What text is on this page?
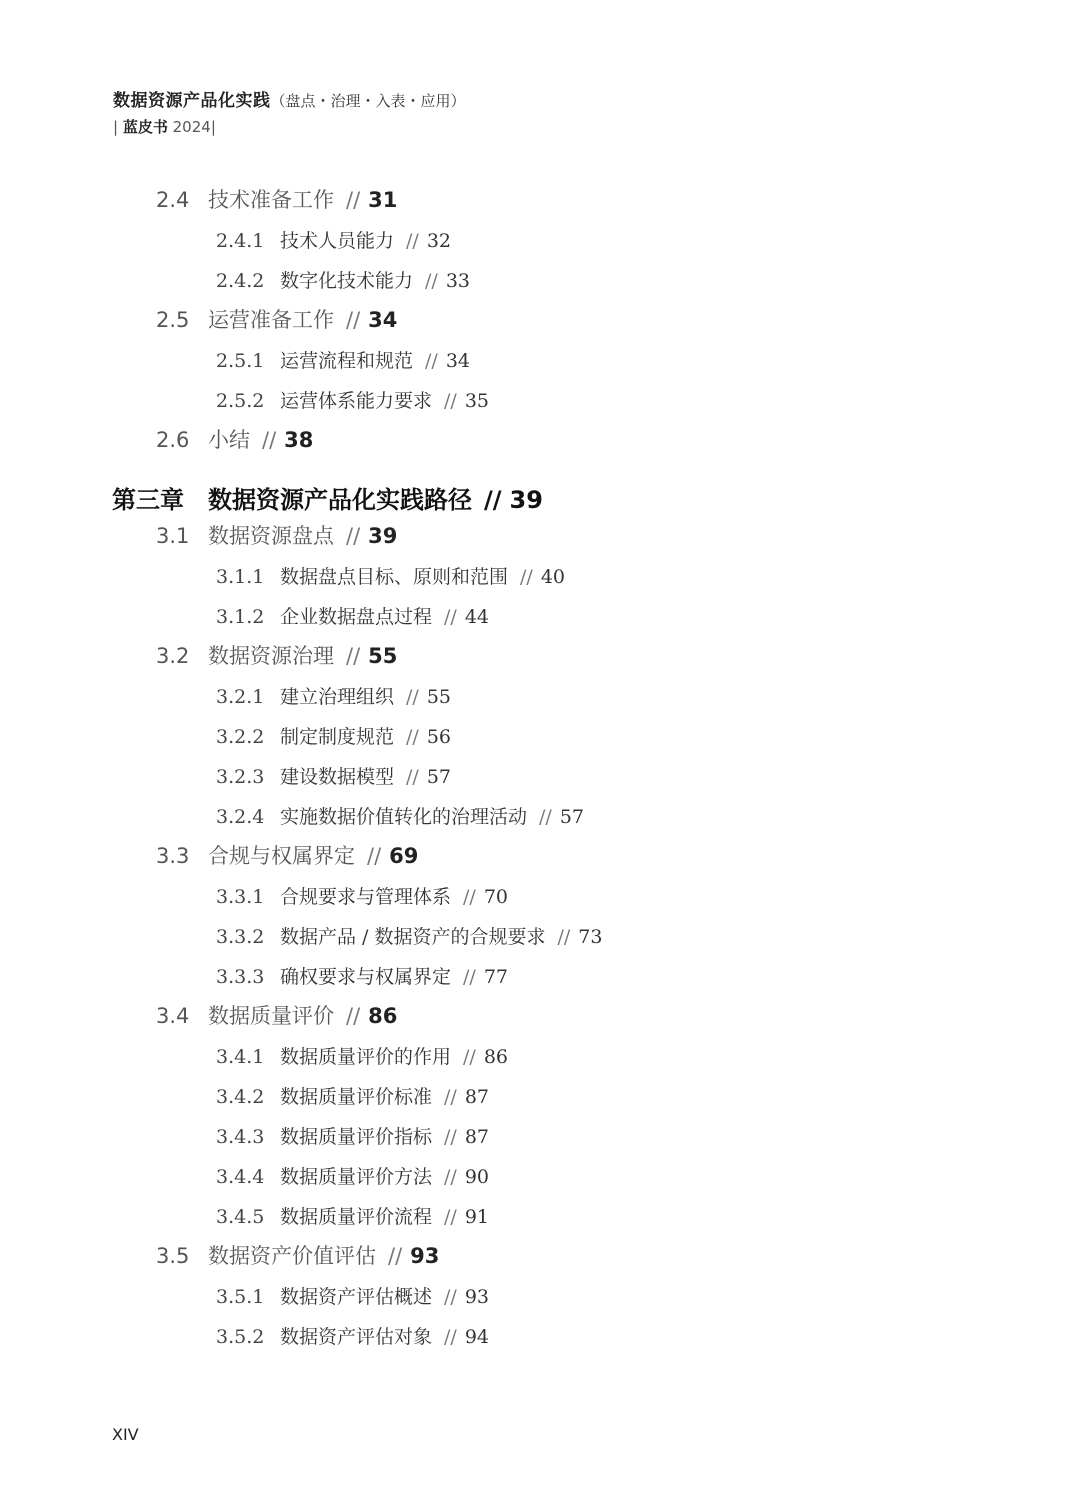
数据资源产品化实践（盘点・治理・入表・应用）
| 蓝皮书 2024|
2.4 技术准备工作 // 31
2.4.1 技术人员能力 // 32
2.4.2 数字化技术能力 // 33
2.5 运营准备工作 // 34
2.5.1 运营流程和规范 // 34
2.5.2 运营体系能力要求 // 35
2.6 小结 // 38
第三章 数据资源产品化实践路径 // 39
3.1 数据资源盘点 // 39
3.1.1 数据盘点目标、原则和范围 // 40
3.1.2 企业数据盘点过程 // 44
3.2 数据资源治理 // 55
3.2.1 建立治理组织 // 55
3.2.2 制定制度规范 // 56
3.2.3 建设数据模型 // 57
3.2.4 实施数据价值转化的治理活动 // 57
3.3 合规与权属界定 // 69
3.3.1 合规要求与管理体系 // 70
3.3.2 数据产品 / 数据资产的合规要求 // 73
3.3.3 确权要求与权属界定 // 77
3.4 数据质量评价 // 86
3.4.1 数据质量评价的作用 // 86
3.4.2 数据质量评价标准 // 87
3.4.3 数据质量评价指标 // 87
3.4.4 数据质量评价方法 // 90
3.4.5 数据质量评价流程 // 91
3.5 数据资产价值评估 // 93
3.5.1 数据资产评估概述 // 93
3.5.2 数据资产评估对象 // 94
XIV
